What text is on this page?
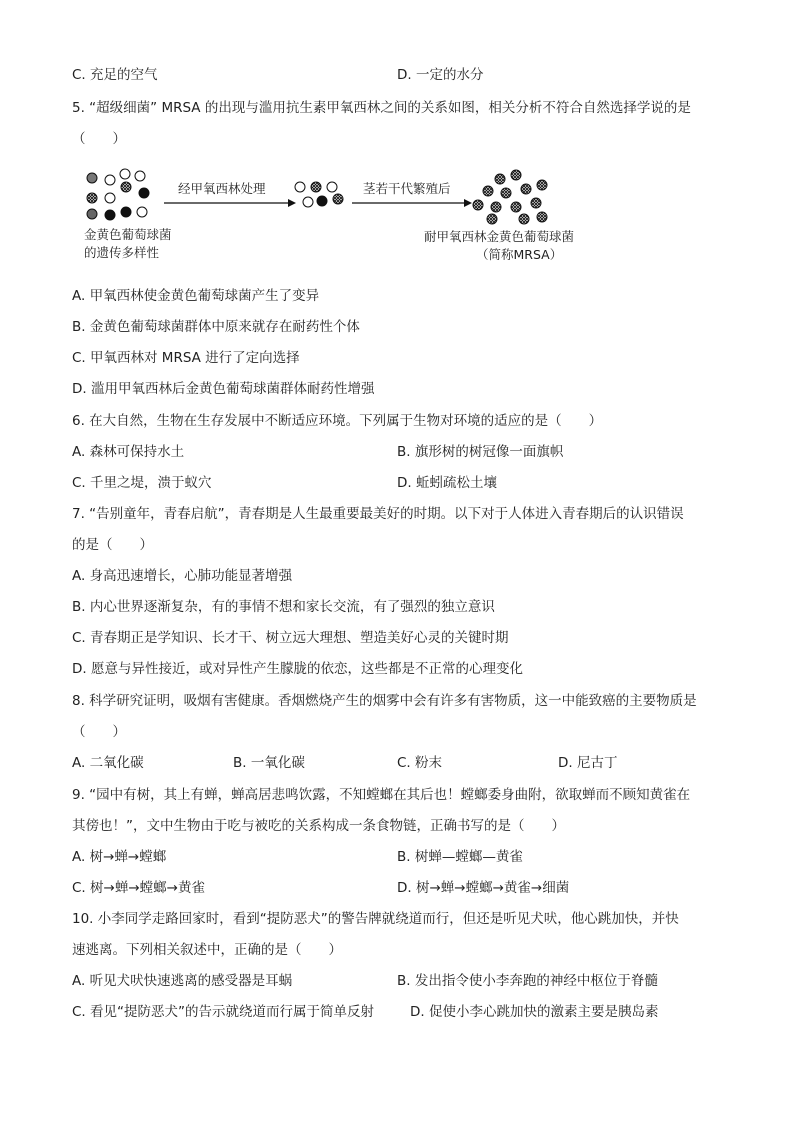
C. 充足的空气	D. 一定的水分
5. “超级细菌” MRSA 的出现与滥用抗生素甲氧西林之间的关系如图，相关分析不符合自然选择学说的是
（　　）
经甲氧西林处理	茎若干代繁殖后
金黄色葡萄球菌
的遗传多样性
耐甲氧西林金黄色葡萄球菌
（简称MRSA）
A. 甲氧西林使金黄色葡萄球菌产生了变异
B. 金黄色葡萄球菌群体中原来就存在耐药性个体
C. 甲氧西林对 MRSA 进行了定向选择
D. 滥用甲氧西林后金黄色葡萄球菌群体耐药性增强
6. 在大自然，生物在生存发展中不断适应环境。下列属于生物对环境的适应的是（　　）
A. 森林可保持水土	B. 旗形树的树冠像一面旗帜
C. 千里之堤，溃于蚁穴	D. 蚯蚓疏松土壤
7. “告别童年，青春启航”，青春期是人生最重要最美好的时期。以下对于人体进入青春期后的认识错误
的是（　　）
A. 身高迅速增长，心肺功能显著增强
B. 内心世界逐渐复杂，有的事情不想和家长交流，有了强烈的独立意识
C. 青春期正是学知识、长才干、树立远大理想、塑造美好心灵的关键时期
D. 愿意与异性接近，或对异性产生朦胧的依恋，这些都是不正常的心理变化
8. 科学研究证明，吸烟有害健康。香烟燃烧产生的烟雾中会有许多有害物质，这一中能致癌的主要物质是
（　　）
A. 二氧化碳	B. 一氧化碳	C. 粉末	D. 尼古丁
9. “园中有树，其上有蝉，蝉高居悲鸣饮露，不知螳螂在其后也！螳螂委身曲附，欲取蝉而不顾知黄雀在
其傍也！”，文中生物由于吃与被吃的关系构成一条食物链，正确书写的是（　　）
A. 树→蝉→螳螂	B. 树蝉—螳螂—黄雀
C. 树→蝉→螳螂→黄雀	D. 树→蝉→螳螂→黄雀→细菌
10. 小李同学走路回家时，看到“提防恶犬”的警告牌就绕道而行，但还是听见犬吠，他心跳加快，并快
速逃离。下列相关叙述中，正确的是（　　）
A. 听见犬吠快速逃离的感受器是耳蜗	B. 发出指令使小李奔跑的神经中枢位于脊髓
C. 看见“提防恶犬”的告示就绕道而行属于简单反射	D. 促使小李心跳加快的激素主要是胰岛素
